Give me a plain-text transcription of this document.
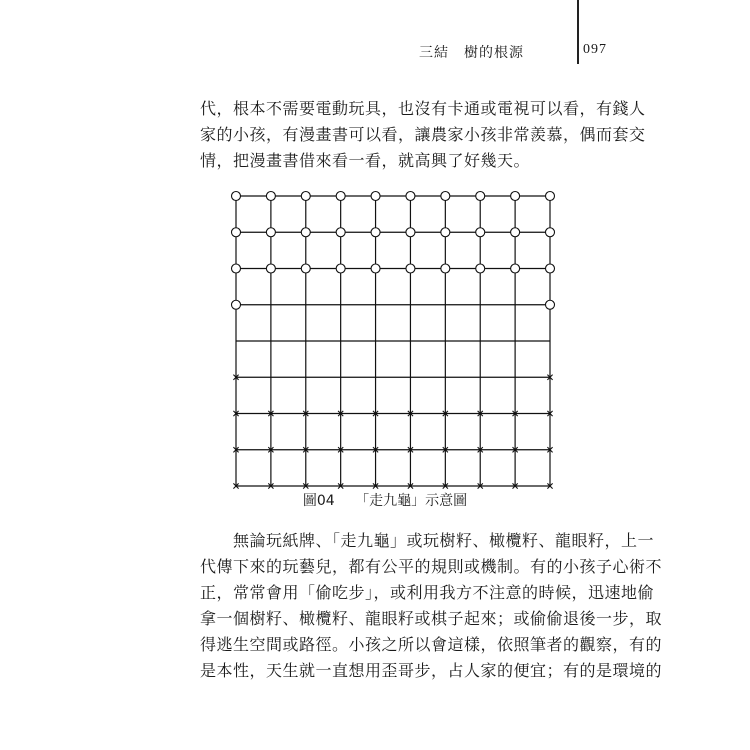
三結　樹的根源	097
代，根本不需要電動玩具，也沒有卡通或電視可以看，有錢人
家的小孩，有漫畫書可以看，讓農家小孩非常羨慕，偶而套交
情，把漫畫書借來看一看，就高興了好幾天。
圖04 「走九龜」示意圖
　　無論玩紙牌、「走九龜」或玩樹籽、橄欖籽、龍眼籽，上一
代傳下來的玩藝兒，都有公平的規則或機制。有的小孩子心術不
正，常常會用「偷吃步」，或利用我方不注意的時候，迅速地偷
拿一個樹籽、橄欖籽、龍眼籽或棋子起來；或偷偷退後一步，取
得逃生空間或路徑。小孩之所以會這樣，依照筆者的觀察，有的
是本性，天生就一直想用歪哥步，占人家的便宜；有的是環境的
